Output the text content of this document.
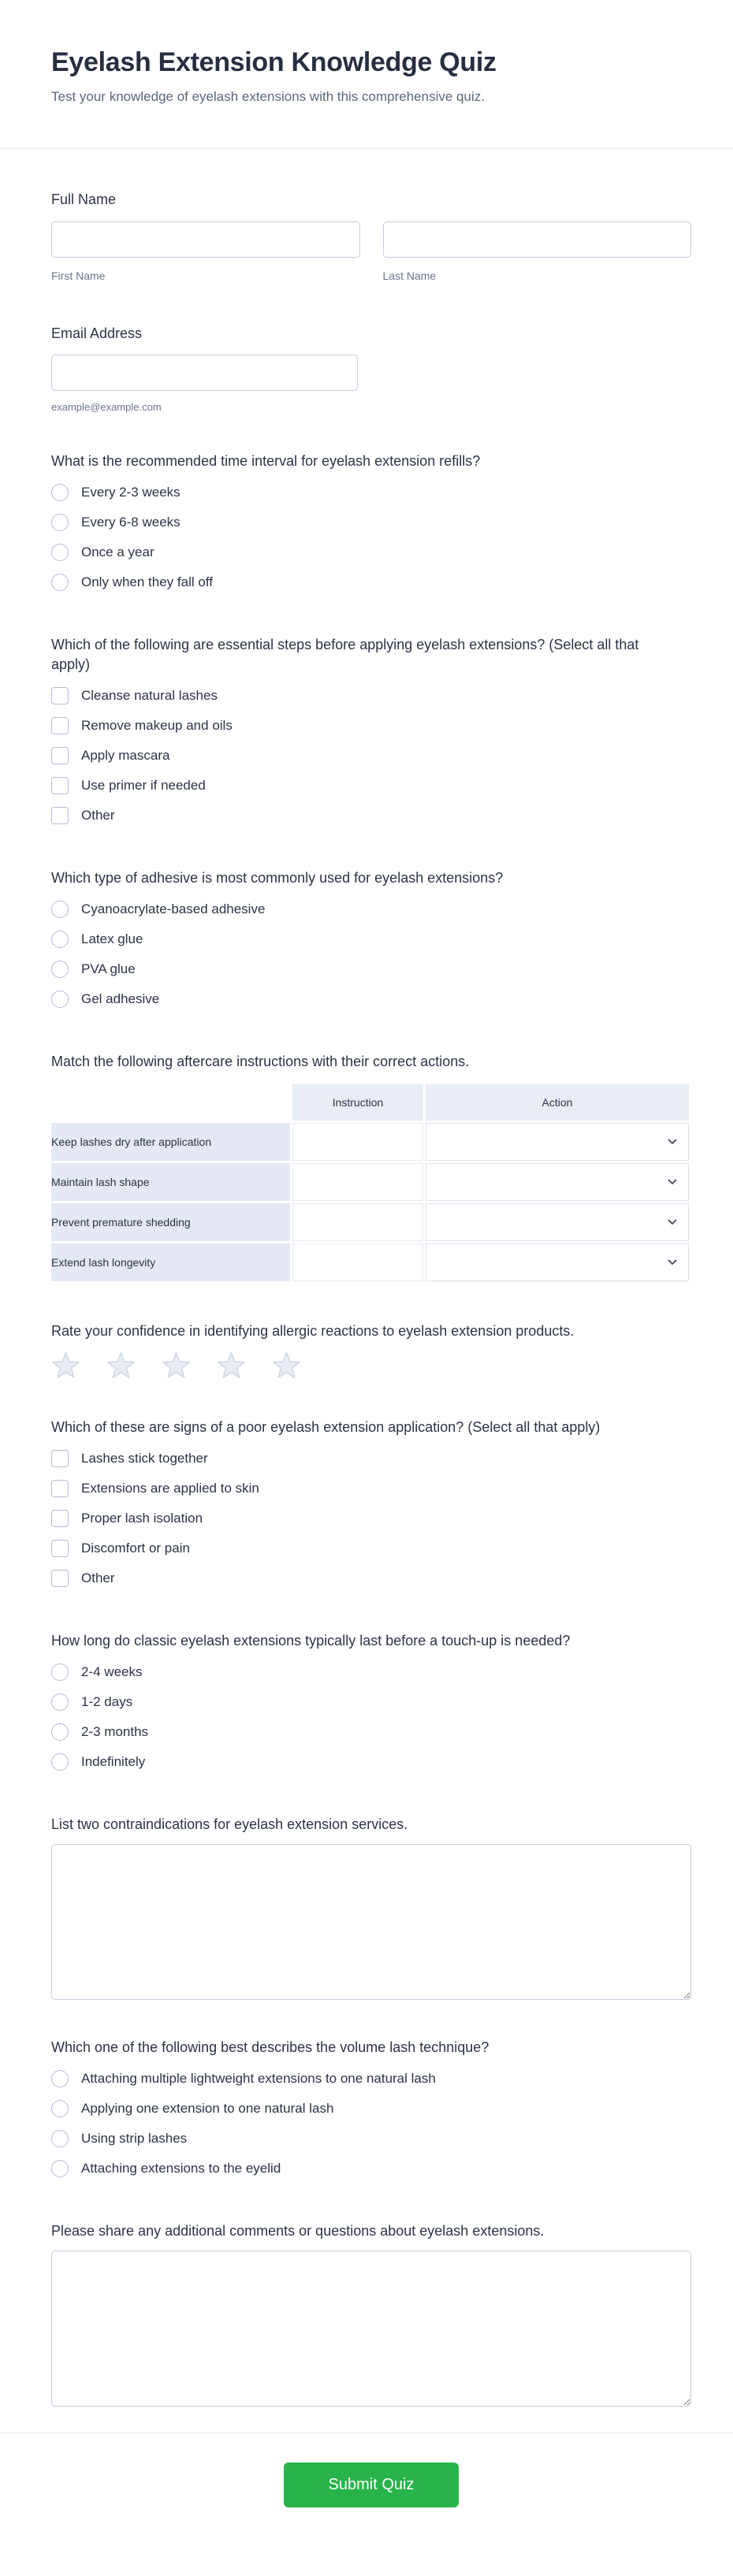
Eyelash Extension Knowledge Quiz
Test your knowledge of eyelash extensions with this comprehensive quiz.
Full Name
First Name	Last Name
Email Address
example@example.com
What is the recommended time interval for eyelash extension refills?
Every 2-3 weeks
Every 6-8 weeks
Once a year
Only when they fall off
Which of the following are essential steps before applying eyelash extensions? (Select all that apply)
Cleanse natural lashes
Remove makeup and oils
Apply mascara
Use primer if needed
Other
Which type of adhesive is most commonly used for eyelash extensions?
Cyanoacrylate-based adhesive
Latex glue
PVA glue
Gel adhesive
Match the following aftercare instructions with their correct actions.
	Instruction	Action
Keep lashes dry after application		

Maintain lash shape		

Prevent premature shedding		

Extend lash longevity		
Rate your confidence in identifying allergic reactions to eyelash extension products.
Which of these are signs of a poor eyelash extension application? (Select all that apply)
Lashes stick together
Extensions are applied to skin
Proper lash isolation
Discomfort or pain
Other
How long do classic eyelash extensions typically last before a touch-up is needed?
2-4 weeks
1-2 days
2-3 months
Indefinitely
List two contraindications for eyelash extension services.
Which one of the following best describes the volume lash technique?
Attaching multiple lightweight extensions to one natural lash
Applying one extension to one natural lash
Using strip lashes
Attaching extensions to the eyelid
Please share any additional comments or questions about eyelash extensions.
Submit Quiz
